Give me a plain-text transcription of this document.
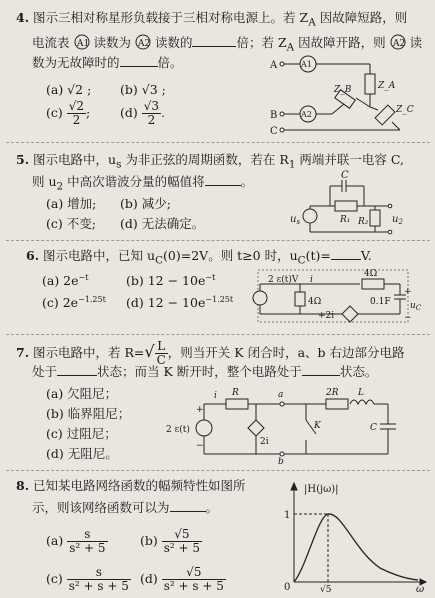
4. 图示三相对称星形负载接于三相对称电源上。若 $Z_A$ 因故障短路，则
电流表 A1 读数为 A2 读数的	倍；若 $Z_A$ 因故障开路，则 A2 读
数为无故障时的	倍。
(a) √2 ; (b) √3 ;
$(c) \frac{√2}{2}$ ; $(d) \frac{√3}{2}$ .
A
B
C
A1
A2
Z_A
Z_B
Z_C
5. 图示电路中，$u_s$ 为非正弦的周期函数，若在 $R_1$ 两端并联一电容 C,
则 $u_2$ 中高次谐波分量的幅值将	。
(a) 增加; (b) 减少;
(c) 不变; (d) 无法确定。
C
R₁ R₂
$u_s$	$u_2$
6. 图示电路中，已知 $u_C(0)=2V$。则 t≥0 时，$u_C(t)= V$.
(a) $2e^{-t}$	(b) $12 - 10e^{-t}$
(c) $2e^{-1.25t}$ (d) $12 - 10e^{-1.25t}$
2 ε(t)V i
4Ω
4Ω	0.1F $u_C$
+2i
+
−
7. 图示电路中，若 $R=√ \frac{L}{C}$ ，则当开关 K 闭合时，a、b 右边部分电路
处于	状态；而当 K 断开时，整个电路处于	状态。
(a) 欠阻尼；
(b) 临界阻尼；
(c) 过阻尼；
(d) 无阻尼。
i R	a	2R L
2 ε(t)
2i
K	C
b
+
−
8. 已知某电路网络函数的幅频特性如图所
示，则该网络函数可以为	。
$(a) \frac{s}{\text{s² + 5}}$	$(b) \frac{√5}{\text{s² + 5}}$
$(c) \frac{s}{\text{s² + s + 5}} (d) \frac{√5}{\text{s² + s + 5}}$
|H(jω)|
1
0	√5	ω
